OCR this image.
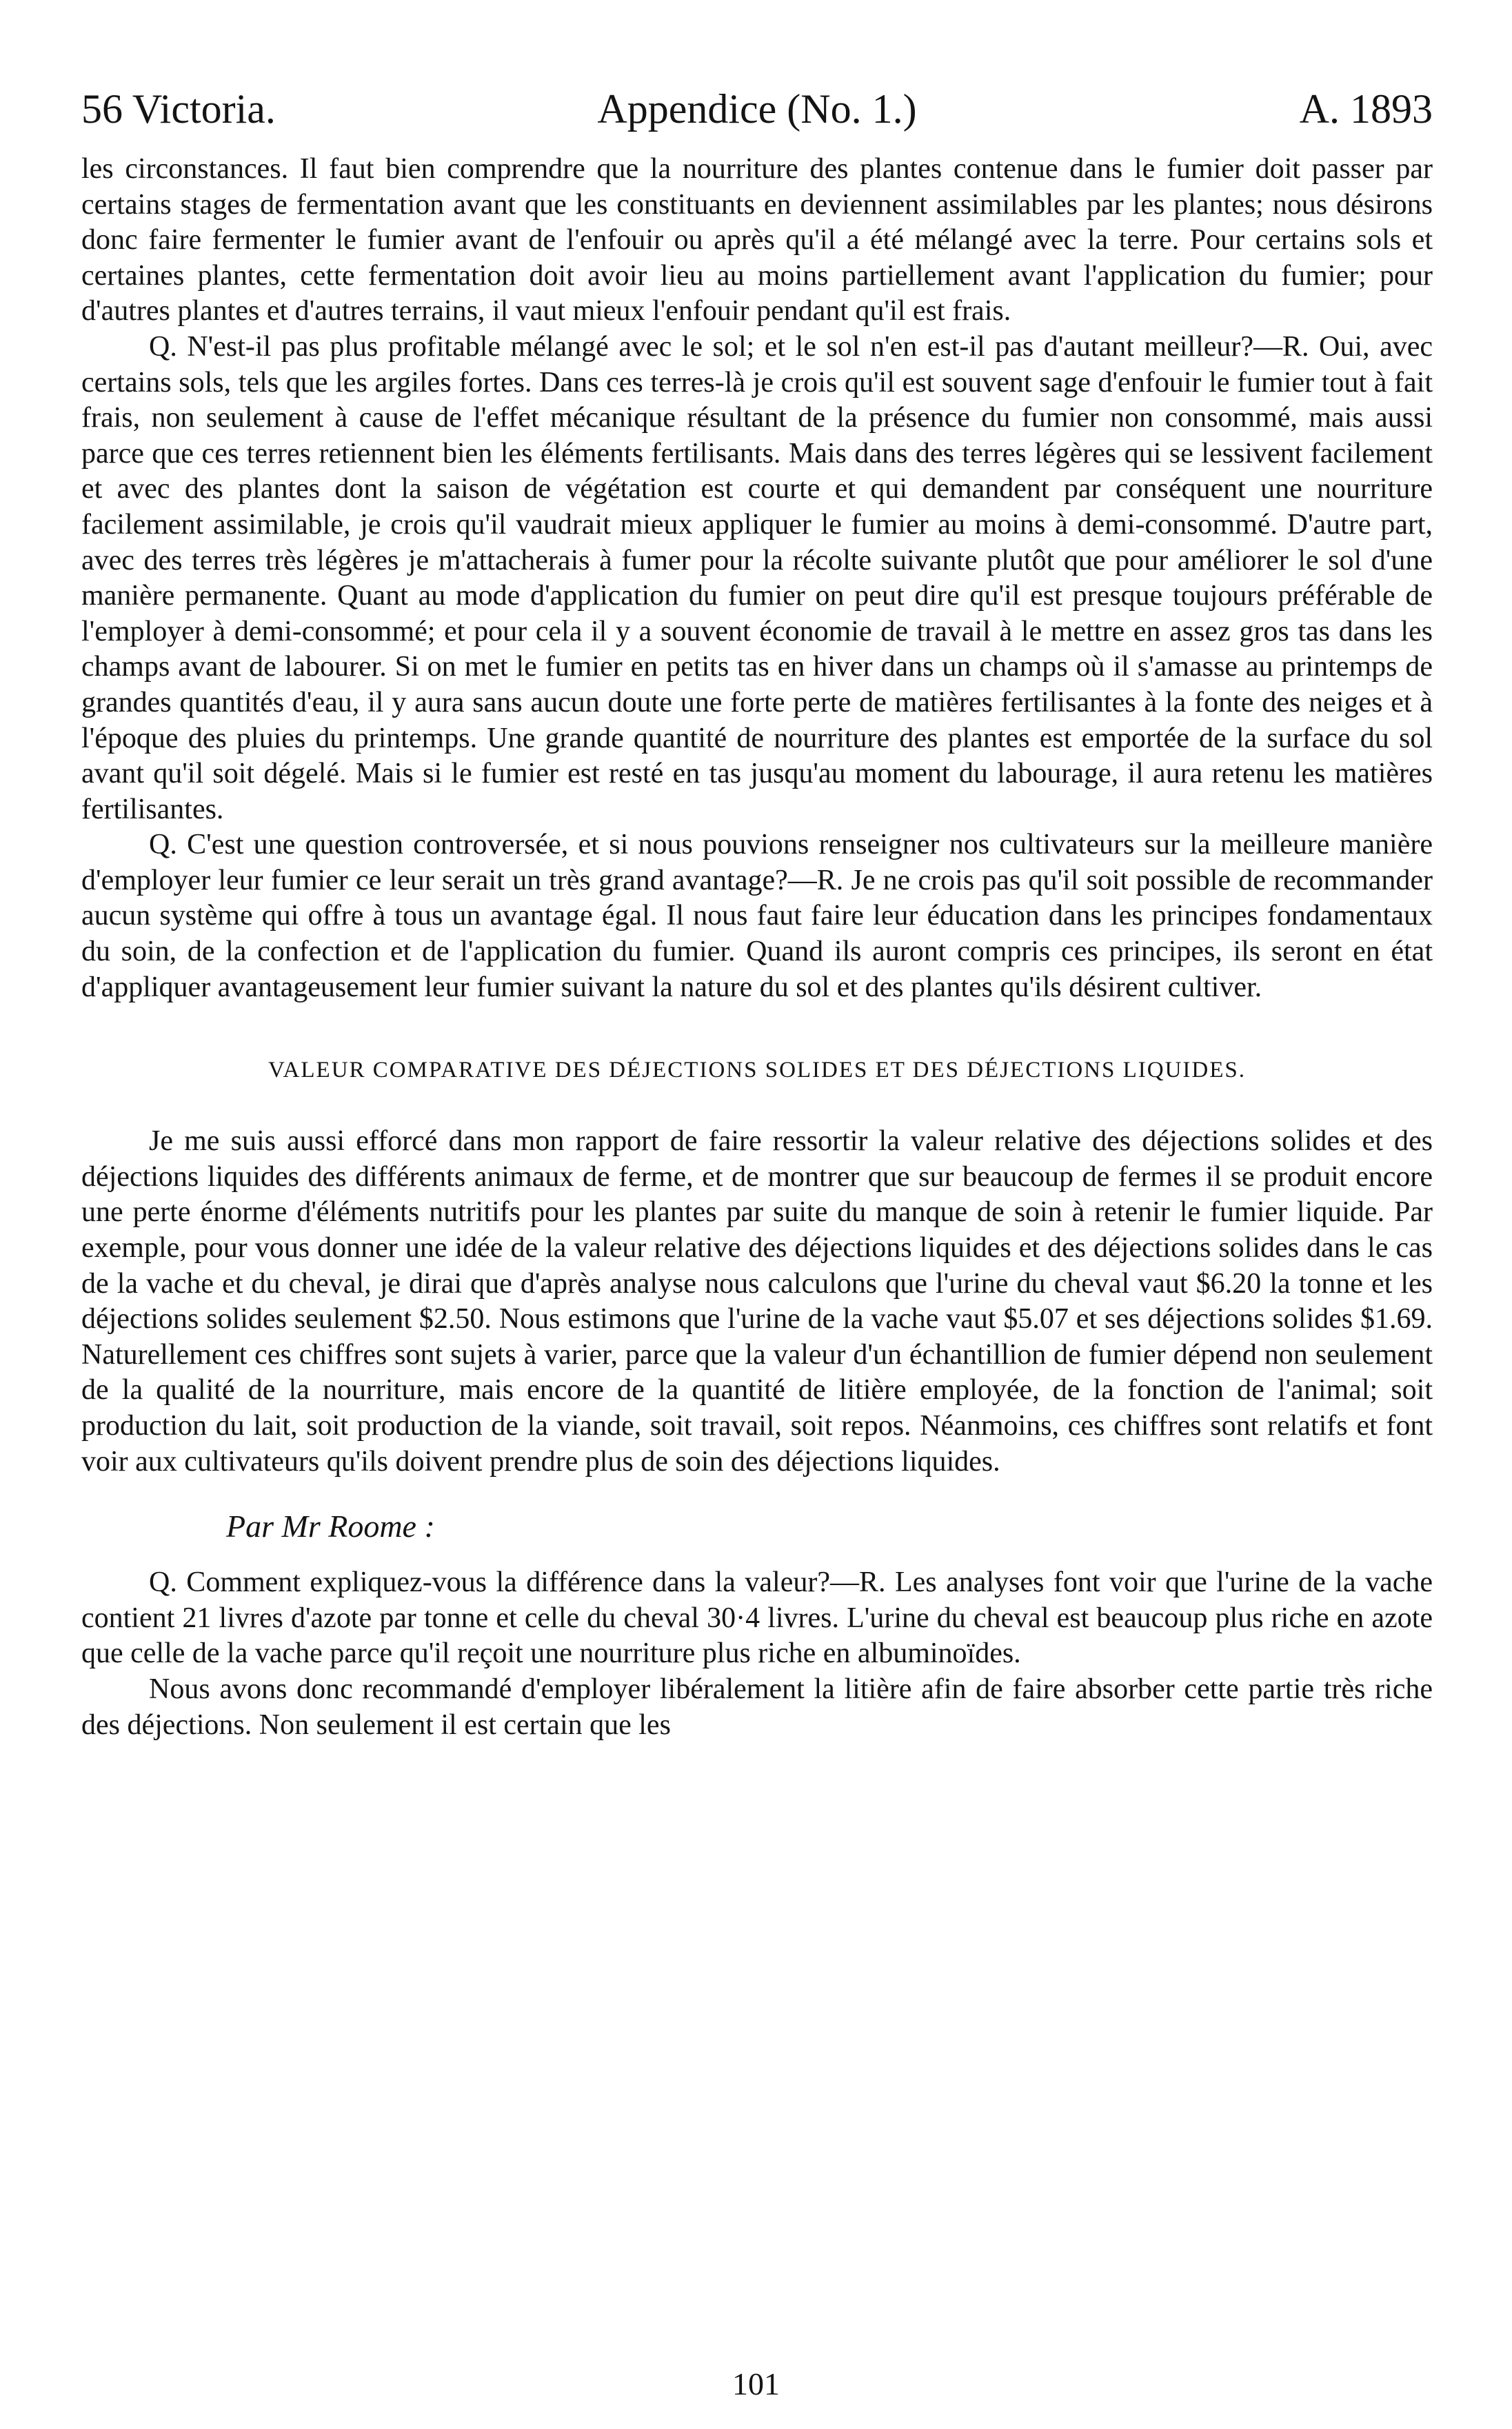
56 Victoria.	Appendice (No. 1.)	A. 1893

les circonstances. Il faut bien comprendre que la nourriture des plantes contenue dans le fumier doit passer par certains stages de fermentation avant que les constituants en deviennent assimilables par les plantes; nous désirons donc faire fermenter le fumier avant de l'enfouir ou après qu'il a été mélangé avec la terre. Pour certains sols et certaines plantes, cette fermentation doit avoir lieu au moins partiellement avant l'application du fumier; pour d'autres plantes et d'autres terrains, il vaut mieux l'enfouir pendant qu'il est frais.

Q. N'est-il pas plus profitable mélangé avec le sol; et le sol n'en est-il pas d'autant meilleur?—R. Oui, avec certains sols, tels que les argiles fortes. Dans ces terres-là je crois qu'il est souvent sage d'enfouir le fumier tout à fait frais, non seulement à cause de l'effet mécanique résultant de la présence du fumier non consommé, mais aussi parce que ces terres retiennent bien les éléments fertilisants. Mais dans des terres légères qui se lessivent facilement et avec des plantes dont la saison de végétation est courte et qui demandent par conséquent une nourriture facilement assimilable, je crois qu'il vaudrait mieux appliquer le fumier au moins à demi-consommé. D'autre part, avec des terres très légères je m'attacherais à fumer pour la récolte suivante plutôt que pour améliorer le sol d'une manière permanente. Quant au mode d'application du fumier on peut dire qu'il est presque toujours préférable de l'employer à demi-consommé; et pour cela il y a souvent économie de travail à le mettre en assez gros tas dans les champs avant de labourer. Si on met le fumier en petits tas en hiver dans un champs où il s'amasse au printemps de grandes quantités d'eau, il y aura sans aucun doute une forte perte de matières fertilisantes à la fonte des neiges et à l'époque des pluies du printemps. Une grande quantité de nourriture des plantes est emportée de la surface du sol avant qu'il soit dégelé. Mais si le fumier est resté en tas jusqu'au moment du labourage, il aura retenu les matières fertilisantes.

Q. C'est une question controversée, et si nous pouvions renseigner nos cultivateurs sur la meilleure manière d'employer leur fumier ce leur serait un très grand avantage?—R. Je ne crois pas qu'il soit possible de recommander aucun système qui offre à tous un avantage égal. Il nous faut faire leur éducation dans les principes fondamentaux du soin, de la confection et de l'application du fumier. Quand ils auront compris ces principes, ils seront en état d'appliquer avantageusement leur fumier suivant la nature du sol et des plantes qu'ils désirent cultiver.

VALEUR COMPARATIVE DES DÉJECTIONS SOLIDES ET DES DÉJECTIONS LIQUIDES.

Je me suis aussi efforcé dans mon rapport de faire ressortir la valeur relative des déjections solides et des déjections liquides des différents animaux de ferme, et de montrer que sur beaucoup de fermes il se produit encore une perte énorme d'éléments nutritifs pour les plantes par suite du manque de soin à retenir le fumier liquide. Par exemple, pour vous donner une idée de la valeur relative des déjections liquides et des déjections solides dans le cas de la vache et du cheval, je dirai que d'après analyse nous calculons que l'urine du cheval vaut $6.20 la tonne et les déjections solides seulement $2.50. Nous estimons que l'urine de la vache vaut $5.07 et ses déjections solides $1.69. Naturellement ces chiffres sont sujets à varier, parce que la valeur d'un échantillion de fumier dépend non seulement de la qualité de la nourriture, mais encore de la quantité de litière employée, de la fonction de l'animal; soit production du lait, soit production de la viande, soit travail, soit repos. Néanmoins, ces chiffres sont relatifs et font voir aux cultivateurs qu'ils doivent prendre plus de soin des déjections liquides.

Par Mr Roome :

Q. Comment expliquez-vous la différence dans la valeur?—R. Les analyses font voir que l'urine de la vache contient 21 livres d'azote par tonne et celle du cheval 30·4 livres. L'urine du cheval est beaucoup plus riche en azote que celle de la vache parce qu'il reçoit une nourriture plus riche en albuminoïdes.

Nous avons donc recommandé d'employer libéralement la litière afin de faire absorber cette partie très riche des déjections. Non seulement il est certain que les

101
